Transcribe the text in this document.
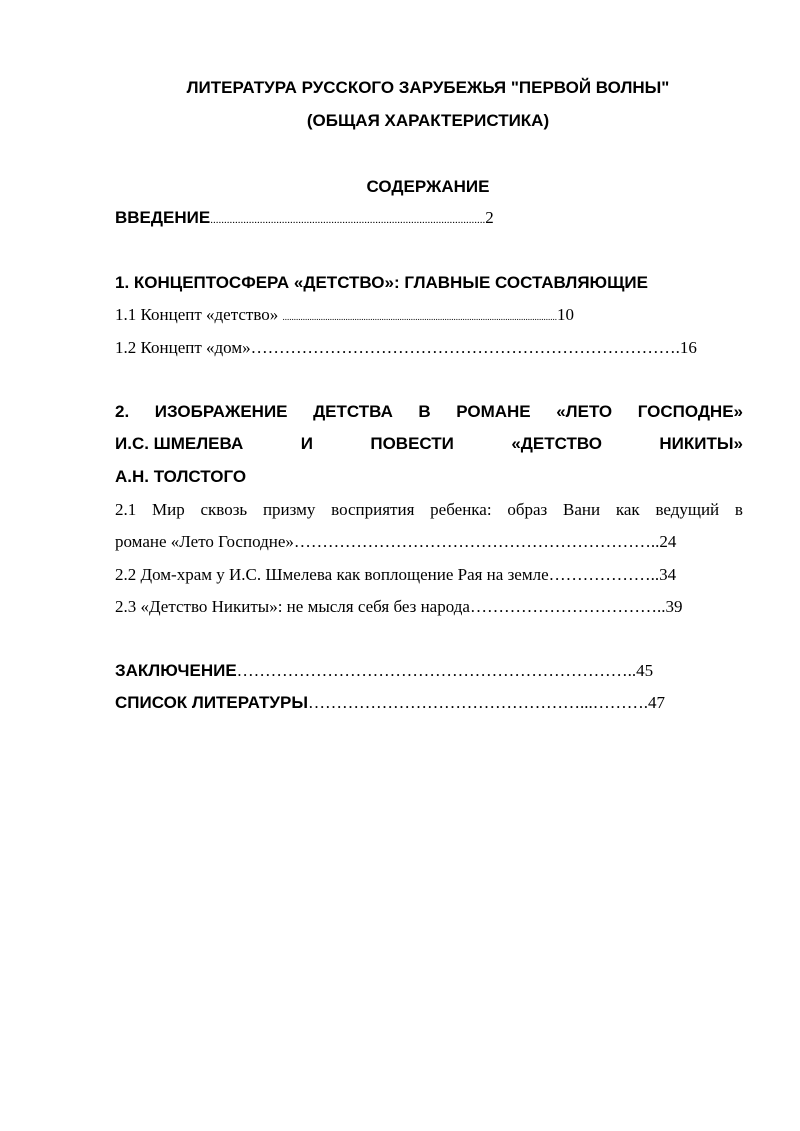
ЛИТЕРАТУРА РУССКОГО ЗАРУБЕЖЬЯ "ПЕРВОЙ ВОЛНЫ"
(ОБЩАЯ ХАРАКТЕРИСТИКА)
СОДЕРЖАНИЕ
ВВЕДЕНИЕ....................................................................................................2
1. КОНЦЕПТОСФЕРА «ДЕТСТВО»: ГЛАВНЫЕ СОСТАВЛЯЮЩИЕ
1.1 Концепт «детство» ..........................................................................................................................10
1.2 Концепт «дом»………………………………………………………………….16
2. ИЗОБРАЖЕНИЕ ДЕТСТВА В РОМАНЕ «ЛЕТО ГОСПОДНЕ»
И.С. ШМЕЛЕВА	И	ПОВЕСТИ	«ДЕТСТВО	НИКИТЫ»
А.Н. ТОЛСТОГО
2.1 Мир сквозь призму восприятия ребенка: образ Вани как ведущий в
романе «Лето Господне»………………………………………………………..24
2.2 Дом-храм у И.С. Шмелева как воплощение Рая на земле………………..34
2.3 «Детство Никиты»: не мысля себя без народа……………………………..39
ЗАКЛЮЧЕНИЕ……………………………………………………………..45
СПИСОК ЛИТЕРАТУРЫ…………………………………………...……….47
